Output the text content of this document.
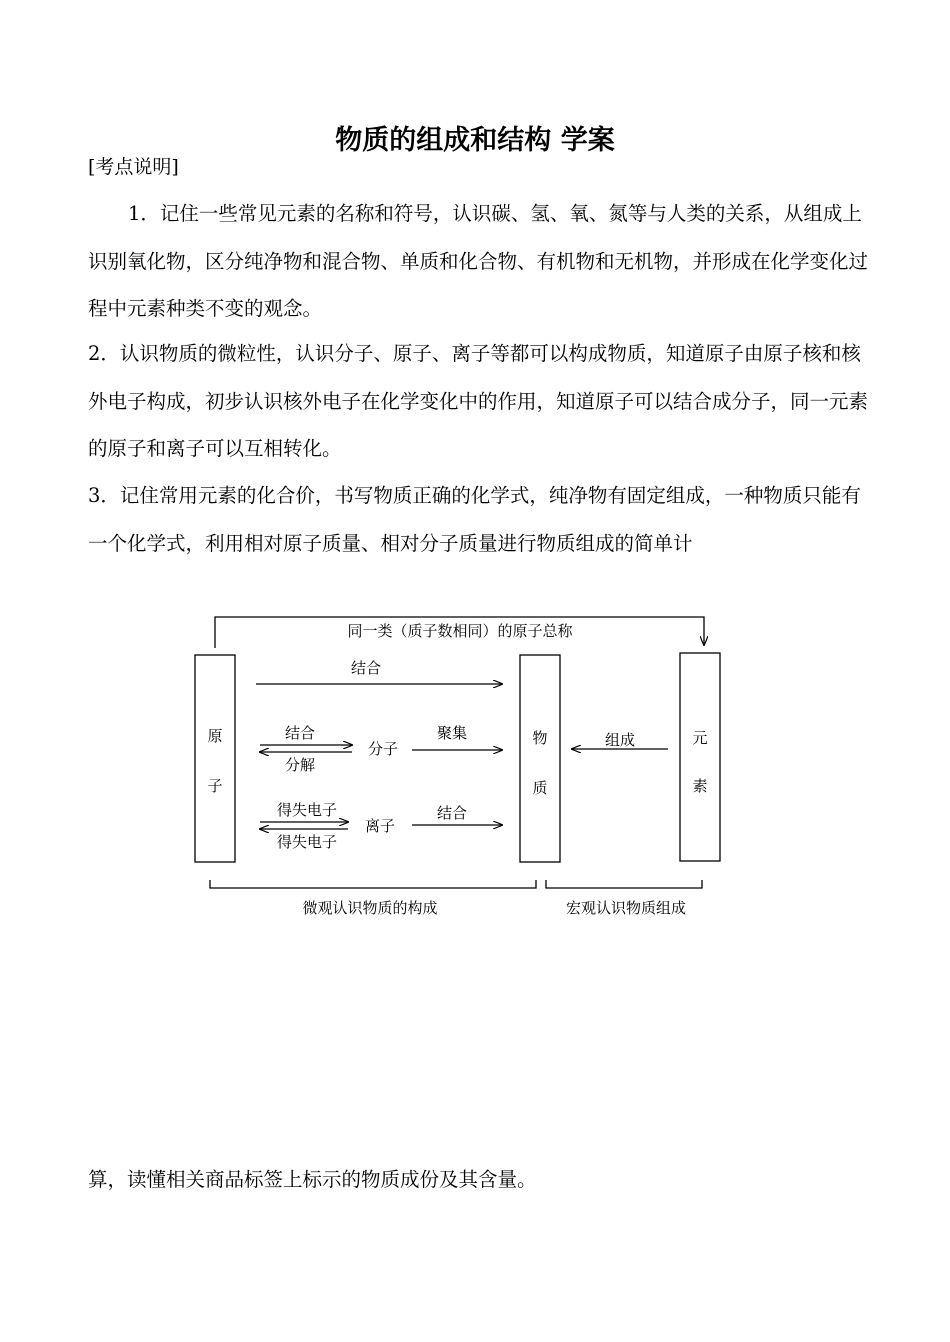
物质的组成和结构 学案
[考点说明]

1．记住一些常见元素的名称和符号，认识碳、氢、氧、氮等与人类的关系，从组成上识别氧化物，区分纯净物和混合物、单质和化合物、有机物和无机物，并形成在化学变化过程中元素种类不变的观念。

2．认识物质的微粒性，认识分子、原子、离子等都可以构成物质，知道原子由原子核和核外电子构成，初步认识核外电子在化学变化中的作用，知道原子可以结合成分子，同一元素的原子和离子可以互相转化。

3．记住常用元素的化合价，书写物质正确的化学式，纯净物有固定组成，一种物质只能有一个化学式，利用相对原子质量、相对分子质量进行物质组成的简单计

同一类（质子数相同）的原子总称
原
子
物
质
元
素
结合
结合
分解
分子
聚集
得失电子
得失电子
离子
结合
组成
微观认识物质的构成	宏观认识物质组成
算，读懂相关商品标签上标示的物质成份及其含量。
